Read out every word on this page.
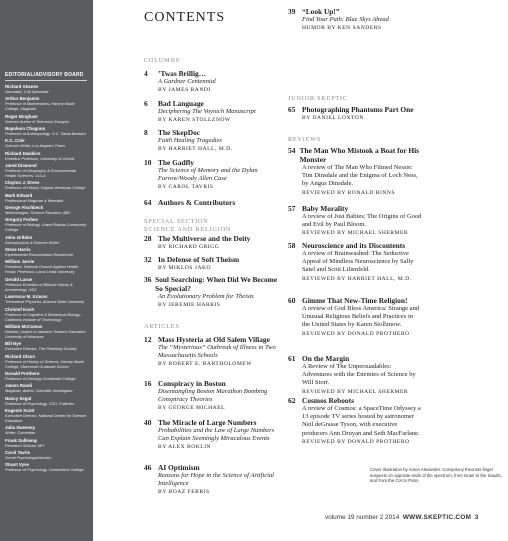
EDITORIAL/ADVISORY BOARD
Richard Abanes
Journalist, Cult Specialist
Arthur Benjamin
Professor of Mathematics, Harvey Mudd College, Magician
Roger Bingham
Science Author & Television Essayist
Napoleon Chagnon
Professor of Anthropology, U.C. Santa Barbara
K.C. Cole
Science Writer, Los Angeles Times
Richard Dawkins
Emeritus Professor, University of Oxford
Jared Diamond
Professor of Geography & Environmental Health Sciences, UCLA
Clayton J. Drees
Professor of History Virginia Wesleyan College
Mark Edward
Professional Magician & Mentalist
George Fischbeck
Meteorologist, Science Educator, ABC
Gregory Forbes
Professor of Biology, Grand Rapids Community College
John Gribbin
Astrophysicist & Science Writer
Steve Harris
Experimental Resuscitation Researcher
William Jarvis
President, National Council Against Health Fraud, Professor, Loma Linda University
Gerald Larue
Professor Emeritus of Biblical History & Archaeology, USC
Lawrence M. Krauss
Theoretical Physicist, Arizona State University
Christof Koch
Professor of Cognitive & Behavioral Biology, California Institute of Technology
William McComas
Director, project to advance Science Education University of Arkansas
Bill Nye
Executive Director, The Planetary Society
Richard Olson
Professor of History of Science, Harvey Mudd College, Claremont Graduate School
Donald Prothero
Professor of Geology Occidental College
James Randi
Magician, Author, Scientific Investigator
Nancy Segal
Professor of Psychology, CSU, Fullerton
Eugenie Scott
Executive Director, National Center for Science Education
Julia Sweeney
Writer, Comedian
Frank Sulloway
Research Scholar, MIT
Carol Tavris
Social Psychologist/Author
Stuart Vyse
Professor of Psychology, Connecticut College
CONTENTS
COLUMNS
SPECIAL SECTION
SCIENCE AND RELIGION
ARTICLES
JUNIOR SKEPTIC
REVIEWS
4	’Twas Brillig…
A Gardner Centennial
BY JAMES RANDI
6	Bad Language
Deciphering The Voynich Manuscript
BY KAREN STOLLZNOW
8	The SkepDoc
Faith Healing Tragedies
BY HARRIET HALL, M.D.
10 The Gadfly
The Science of Memory and the Dylan Farrow/Woody Allen Case
BY CAROL TAVRIS
64 Authors & Contributors
28 The Multiverse and the Deity
BY RICHARD GRIGG
32 In Defense of Soft Theism
BY MIKLOS JAKO
36 Soul Searching: When Did We Become So Special?
An Evolutionary Problem for Theists
BY JEREMIE HARRIS
12 Mass Hysteria at Old Salem Village
The “Mysterious” Outbreak of Illness in Two Massachusetts Schools
BY ROBERT E. BARTHOLOMEW
16 Conspiracy in Boston
Disentangling Boston Marathon Bombing Conspiracy Theories
BY GEORGE MICHAEL
40 The Miracle of Large Numbers
Probabilities and the Law of Large Numbers Can Explain Seemingly Miraculous Events
BY ALEX BOKLIN
46 AI Optimism
Reasons for Hope in the Science of Artificial Intelligence
BY BOAZ FERRIS
39 “Look Up!”
Find Your Path: Blue Skys Ahead
HUMOR BY KEN SANDERS
65 Photographing Phantoms Part One
BY DANIEL LOXTON
54 The Man Who Mistook a Boat for His Monster
A review of The Man Who Filmed Nessie: Tim Dinsdale and the Enigma of Loch Ness, by Angus Dinsdale.
REVIEWED BY RONALD BINNS
57 Baby Morality
A review of Just Babies: The Origins of Good and Evil by Paul Bloom.
REVIEWED BY MICHAEL SHERMER
58 Neuroscience and its Discontents
A review of Brainwashed: The Seductive Appeal of Mindless Neuroscience by Sally Satel and Scott Lilienfeld.
REVIEWED BY HARRIET HALL, M.D.
60 Gimme That New-Time Religion!
A review of God Bless America: Strange and Unusual Religious Beliefs and Practices in the United States by Karen Stollznow.
REVIEWED BY DONALD PROTHERO
61 On the Margin
A Review of The Unpersuadables: Adventures with the Enemies of Science by Will Storr.
REVIEWED BY MICHAEL SHERMER
62 Cosmos Reboots
A review of Cosmos: a SpaceTime Odyssey a 13 episode TV series hosted by astronomer Neil deGrasse Tyson, with executive producers Ann Druyan and Seth MacFarlane.
REVIEWED BY DONALD PROTHERO
Cover illustration by Anton Alexander. Conspiracy theorists finger suspects on opposite ends of the spectrum, from Israel to the Saudis, and from the CIA to Putin.
volume 19 number 2 2014 WWW.SKEPTIC.COM 3
